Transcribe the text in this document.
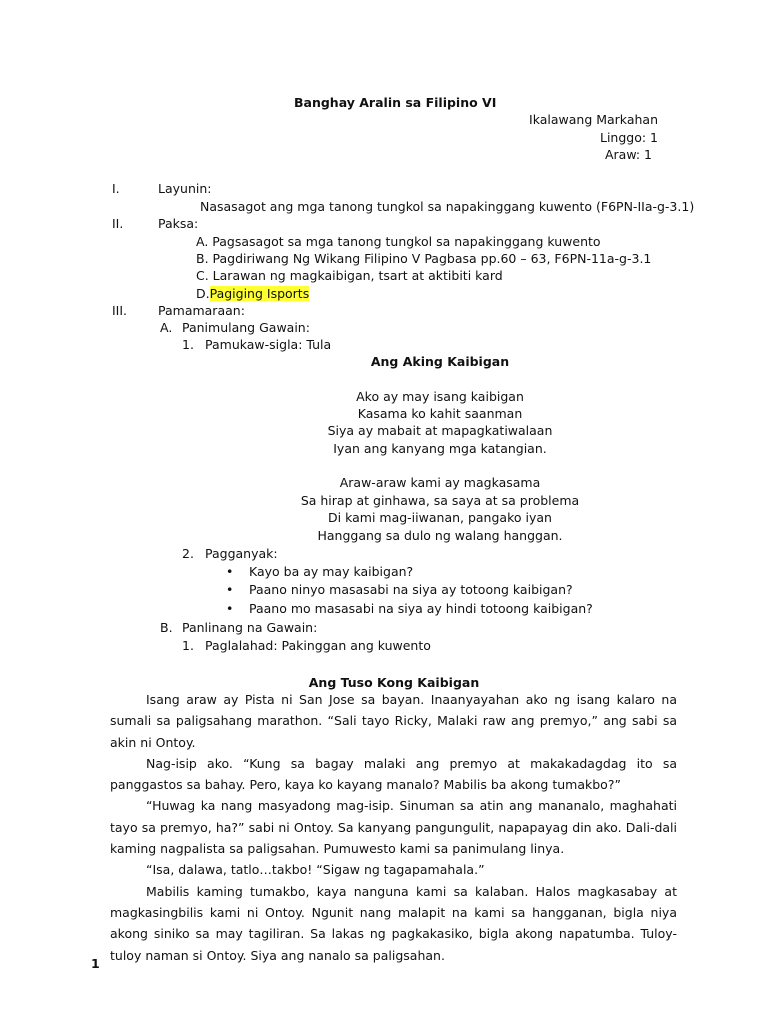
Banghay Aralin sa Filipino VI
Ikalawang Markahan
Linggo: 1
Araw: 1
I.	Layunin:
Nasasagot ang mga tanong tungkol sa napakinggang kuwento (F6PN-IIa-g-3.1)
II.	Paksa:
A. Pagsasagot sa mga tanong tungkol sa napakinggang kuwento
B. Pagdiriwang Ng Wikang Filipino V Pagbasa pp.60 – 63, F6PN-11a-g-3.1
C. Larawan ng magkaibigan, tsart at aktibiti kard
D.Pagiging Isports
III. Pamamaraan:
A. Panimulang Gawain:
1. Pamukaw-sigla: Tula
Ang Aking Kaibigan
Ako ay may isang kaibigan
Kasama ko kahit saanman
Siya ay mabait at mapagkatiwalaan
Iyan ang kanyang mga katangian.
Araw-araw kami ay magkasama
Sa hirap at ginhawa, sa saya at sa problema
Di kami mag-iiwanan, pangako iyan
Hanggang sa dulo ng walang hanggan.
2. Pagganyak:
• Kayo ba ay may kaibigan?
• Paano ninyo masasabi na siya ay totoong kaibigan?
• Paano mo masasabi na siya ay hindi totoong kaibigan?
B. Panlinang na Gawain:
1. Paglalahad: Pakinggan ang kuwento
Ang Tuso Kong Kaibigan

Isang araw ay Pista ni San Jose sa bayan. Inaanyayahan ako ng isang kalaro na sumali sa paligsahang marathon. “Sali tayo Ricky, Malaki raw ang premyo,” ang sabi sa akin ni Ontoy.

Nag-isip ako. “Kung sa bagay malaki ang premyo at makakadagdag ito sa panggastos sa bahay. Pero, kaya ko kayang manalo? Mabilis ba akong tumakbo?”

“Huwag ka nang masyadong mag-isip. Sinuman sa atin ang mananalo, maghahati tayo sa premyo, ha?” sabi ni Ontoy. Sa kanyang pangungulit, napapayag din ako. Dali-dali kaming nagpalista sa paligsahan. Pumuwesto kami sa panimulang linya.

“Isa, dalawa, tatlo…takbo! “Sigaw ng tagapamahala.”

Mabilis kaming tumakbo, kaya nanguna kami sa kalaban. Halos magkasabay at magkasingbilis kami ni Ontoy. Ngunit nang malapit na kami sa hangganan, bigla niya akong siniko sa may tagiliran. Sa lakas ng pagkakasiko, bigla akong napatumba. Tuloy-tuloy naman si Ontoy. Siya ang nanalo sa paligsahan.

1
